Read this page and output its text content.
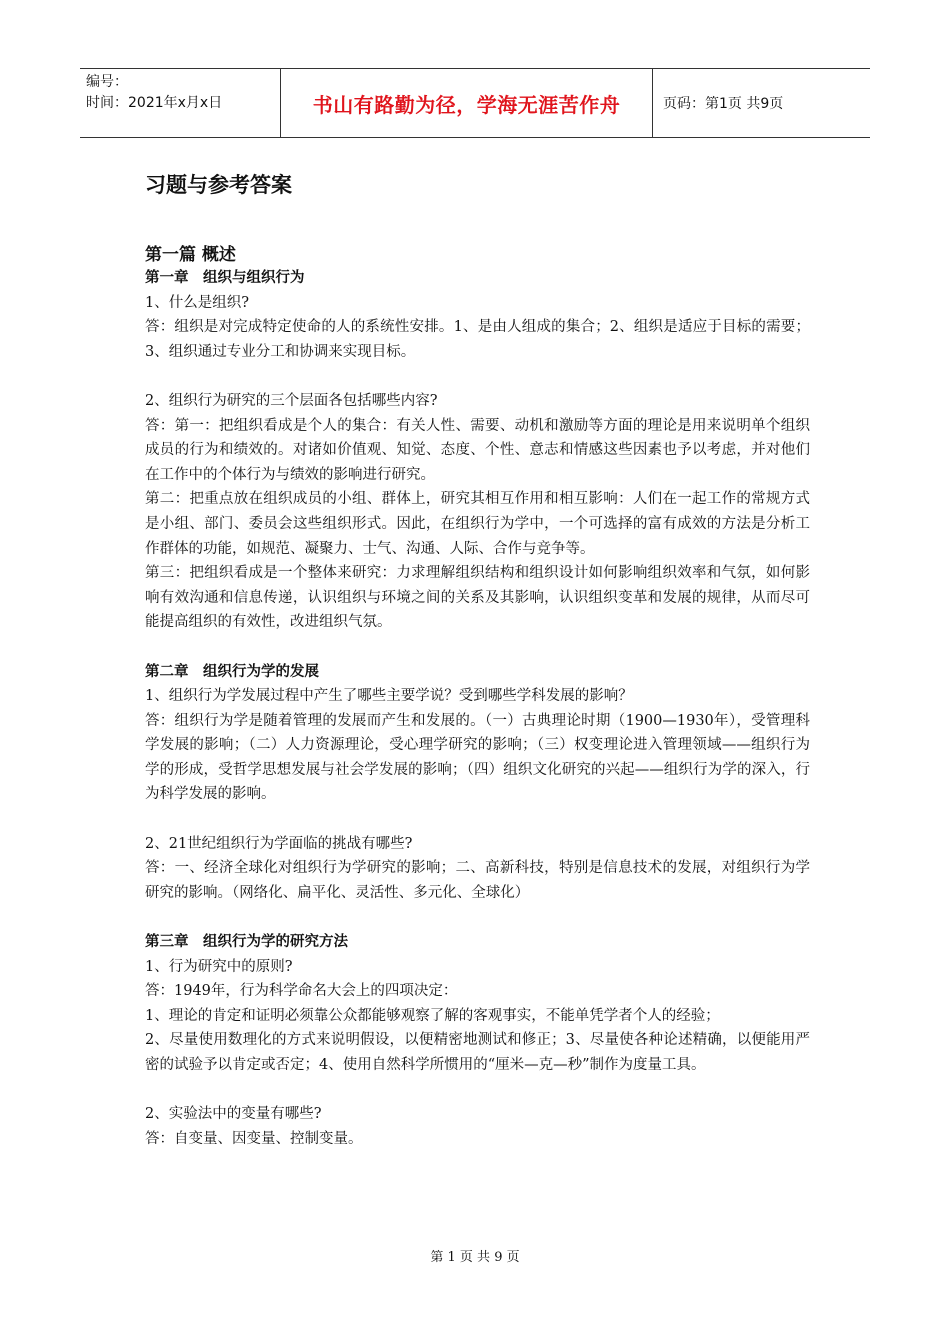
编号：
时间：2021年x月x日	书山有路勤为径，学海无涯苦作舟	页码：第1页 共9页
习题与参考答案
第一篇 概述
第一章　组织与组织行为

1、什么是组织?

答：组织是对完成特定使命的人的系统性安排。1、是由人组成的集合；2、组织是适应于目标的需要；3、组织通过专业分工和协调来实现目标。

2、组织行为研究的三个层面各包括哪些内容?

答：第一：把组织看成是个人的集合：有关人性、需要、动机和激励等方面的理论是用来说明单个组织成员的行为和绩效的。对诸如价值观、知觉、态度、个性、意志和情感这些因素也予以考虑，并对他们在工作中的个体行为与绩效的影响进行研究。

第二：把重点放在组织成员的小组、群体上，研究其相互作用和相互影响：人们在一起工作的常规方式是小组、部门、委员会这些组织形式。因此，在组织行为学中，一个可选择的富有成效的方法是分析工作群体的功能，如规范、凝聚力、士气、沟通、人际、合作与竞争等。

第三：把组织看成是一个整体来研究：力求理解组织结构和组织设计如何影响组织效率和气氛，如何影响有效沟通和信息传递，认识组织与环境之间的关系及其影响，认识组织变革和发展的规律，从而尽可能提高组织的有效性，改进组织气氛。

第二章　组织行为学的发展

1、组织行为学发展过程中产生了哪些主要学说？受到哪些学科发展的影响？

答：组织行为学是随着管理的发展而产生和发展的。（一）古典理论时期（1900—1930年），受管理科学发展的影响；（二）人力资源理论，受心理学研究的影响；（三）权变理论进入管理领域——组织行为学的形成，受哲学思想发展与社会学发展的影响；（四）组织文化研究的兴起——组织行为学的深入，行为科学发展的影响。

2、21世纪组织行为学面临的挑战有哪些?

答：一、经济全球化对组织行为学研究的影响；二、高新科技，特别是信息技术的发展，对组织行为学研究的影响。（网络化、扁平化、灵活性、多元化、全球化）

第三章　组织行为学的研究方法

1、行为研究中的原则?

答：1949年，行为科学命名大会上的四项决定：

1、理论的肯定和证明必须靠公众都能够观察了解的客观事实，不能单凭学者个人的经验；

2、尽量使用数理化的方式来说明假设，以便精密地测试和修正；3、尽量使各种论述精确，以便能用严密的试验予以肯定或否定；4、使用自然科学所惯用的“厘米—克—秒”制作为度量工具。

2、实验法中的变量有哪些?

答：自变量、因变量、控制变量。

第 1 页 共 9 页
